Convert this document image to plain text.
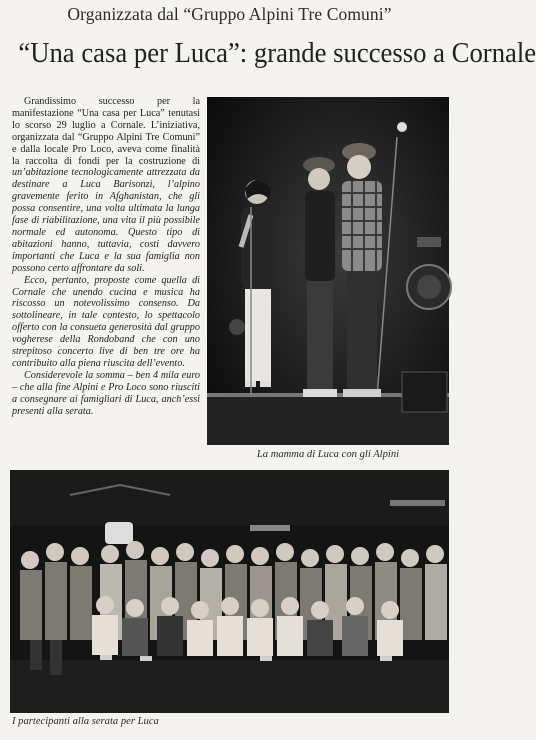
Organizzata dal “Gruppo Alpini Tre Comuni”
“Una casa per Luca”: grande successo a Cornale

Grandissimo successo per la manifestazione “Una casa per Luca” tenutasi lo scorso 29 luglio a Cornale. L’iniziativa, organizzata dal “Gruppo Alpini Tre Comuni” e dalla locale Pro Loco, aveva come finalità la raccolta di fondi per la costruzione di un’abitazione tecnologicamente attrezzata da destinare a Luca Barisonzi, l’alpino gravemente ferito in Afghanistan, che gli possa consentire, una volta ultimata la lunga fase di riabilitazione, una vita il più possibile normale ed autonoma. Questo tipo di abitazioni hanno, tuttavia, costi davvero importanti che Luca e la sua famiglia non possono certo affrontare da soli.

Ecco, pertanto, proposte come quella di Cornale che unendo cucina e musica ha riscosso un notevolissimo consenso. Da sottolineare, in tale contesto, lo spettacolo offerto con la consueta generosità dal gruppo vogherese della Rondoband che con uno strepitoso concerto live di ben tre ore ha contribuito alla piena riuscita dell’evento.

Considerevole la somma – ben 4 mila euro – che alla fine Alpini e Pro Loco sono riusciti a consegnare ai famigliari di Luca, anch’essi presenti alla serata.

La mamma di Luca con gli Alpini
I partecipanti alla serata per Luca
